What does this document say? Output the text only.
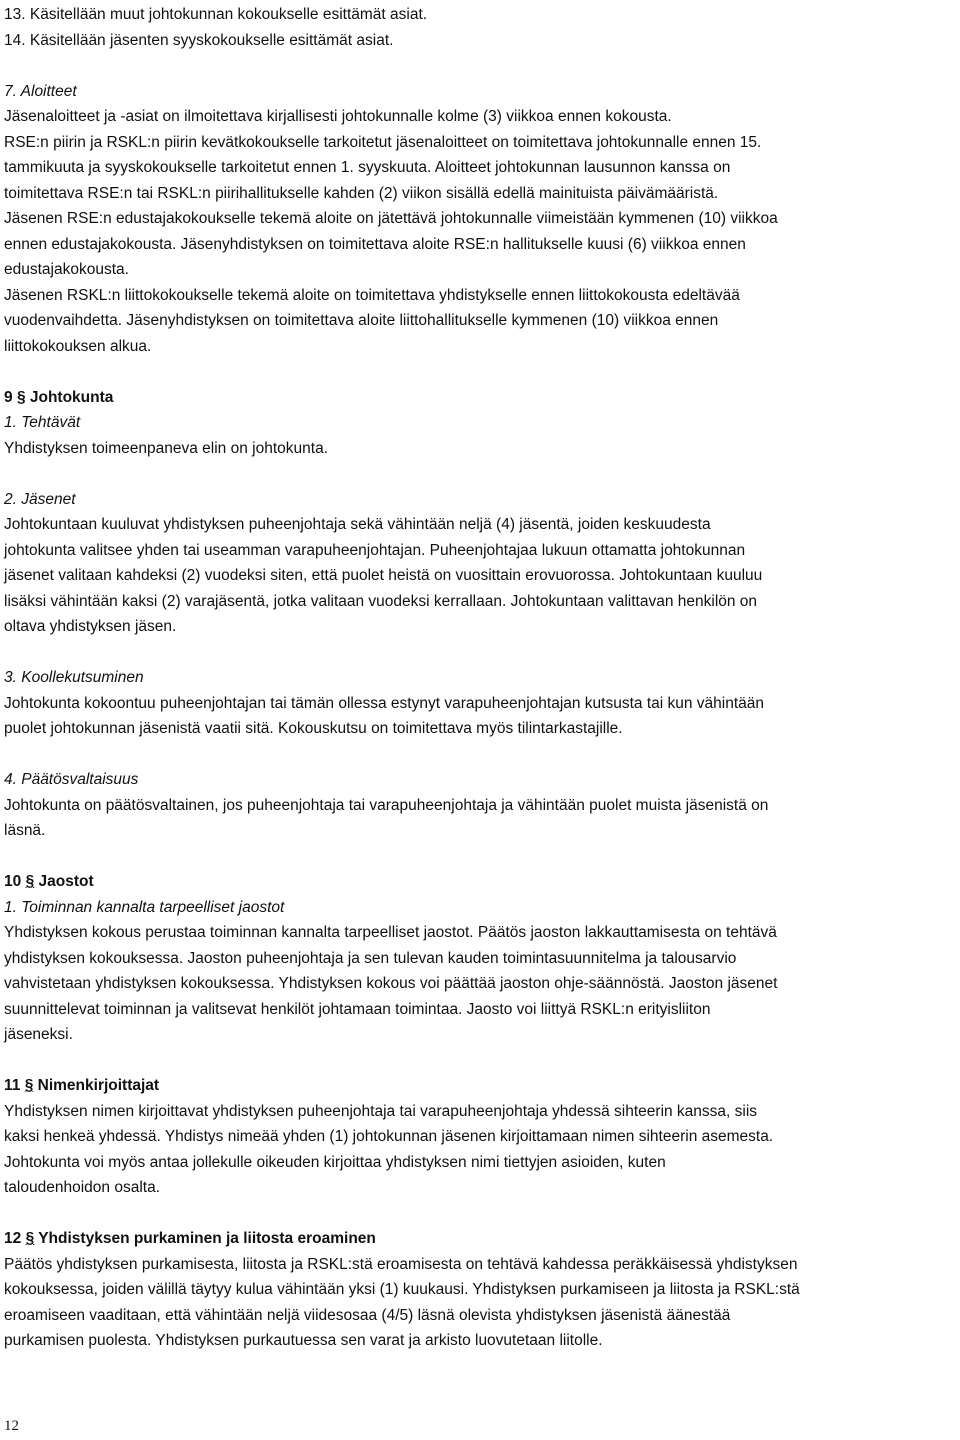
13. Käsitellään muut johtokunnan kokoukselle esittämät asiat.
14. Käsitellään jäsenten syyskokoukselle esittämät asiat.
7. Aloitteet
Jäsenaloitteet ja -asiat on ilmoitettava kirjallisesti johtokunnalle kolme (3) viikkoa ennen kokousta.
RSE:n piirin ja RSKL:n piirin kevätkokoukselle tarkoitetut jäsenaloitteet on toimitettava johtokunnalle ennen 15.
tammikuuta ja syyskokoukselle tarkoitetut ennen 1. syyskuuta. Aloitteet johtokunnan lausunnon kanssa on
toimitettava RSE:n tai RSKL:n piirihallitukselle kahden (2) viikon sisällä edellä mainituista päivämääristä.
Jäsenen RSE:n edustajakokoukselle tekemä aloite on jätettävä johtokunnalle viimeistään kymmenen (10) viikkoa
ennen edustajakokousta. Jäsenyhdistyksen on toimitettava aloite RSE:n hallitukselle kuusi (6) viikkoa ennen
edustajakokousta.
Jäsenen RSKL:n liittokokoukselle tekemä aloite on toimitettava yhdistykselle ennen liittokokousta edeltävää
vuodenvaihdetta. Jäsenyhdistyksen on toimitettava aloite liittohallitukselle kymmenen (10) viikkoa ennen
liittokokouksen alkua.
9 § Johtokunta
1. Tehtävät
Yhdistyksen toimeenpaneva elin on johtokunta.
2. Jäsenet
Johtokuntaan kuuluvat yhdistyksen puheenjohtaja sekä vähintään neljä (4) jäsentä, joiden keskuudesta
johtokunta valitsee yhden tai useamman varapuheenjohtajan. Puheenjohtajaa lukuun ottamatta johtokunnan
jäsenet valitaan kahdeksi (2) vuodeksi siten, että puolet heistä on vuosittain erovuorossa. Johtokuntaan kuuluu
lisäksi vähintään kaksi (2) varajäsentä, jotka valitaan vuodeksi kerrallaan. Johtokuntaan valittavan henkilön on
oltava yhdistyksen jäsen.
3. Koollekutsuminen
Johtokunta kokoontuu puheenjohtajan tai tämän ollessa estynyt varapuheenjohtajan kutsusta tai kun vähintään
puolet johtokunnan jäsenistä vaatii sitä. Kokouskutsu on toimitettava myös tilintarkastajille.
4. Päätösvaltaisuus
Johtokunta on päätösvaltainen, jos puheenjohtaja tai varapuheenjohtaja ja vähintään puolet muista jäsenistä on
läsnä.
10 § Jaostot
1. Toiminnan kannalta tarpeelliset jaostot
Yhdistyksen kokous perustaa toiminnan kannalta tarpeelliset jaostot. Päätös jaoston lakkauttamisesta on tehtävä
yhdistyksen kokouksessa. Jaoston puheenjohtaja ja sen tulevan kauden toimintasuunnitelma ja talousarvio
vahvistetaan yhdistyksen kokouksessa. Yhdistyksen kokous voi päättää jaoston ohje-säännöstä. Jaoston jäsenet
suunnittelevat toiminnan ja valitsevat henkilöt johtamaan toimintaa. Jaosto voi liittyä RSKL:n erityisliiton
jäseneksi.
11 § Nimenkirjoittajat
Yhdistyksen nimen kirjoittavat yhdistyksen puheenjohtaja tai varapuheenjohtaja yhdessä sihteerin kanssa, siis
kaksi henkeä yhdessä. Yhdistys nimeää yhden (1) johtokunnan jäsenen kirjoittamaan nimen sihteerin asemesta.
Johtokunta voi myös antaa jollekulle oikeuden kirjoittaa yhdistyksen nimi tiettyjen asioiden, kuten
taloudenhoidon osalta.
12 § Yhdistyksen purkaminen ja liitosta eroaminen
Päätös yhdistyksen purkamisesta, liitosta ja RSKL:stä eroamisesta on tehtävä kahdessa peräkkäisessä yhdistyksen
kokouksessa, joiden välillä täytyy kulua vähintään yksi (1) kuukausi. Yhdistyksen purkamiseen ja liitosta ja RSKL:stä
eroamiseen vaaditaan, että vähintään neljä viidesosaa (4/5) läsnä olevista yhdistyksen jäsenistä äänestää
purkamisen puolesta. Yhdistyksen purkautuessa sen varat ja arkisto luovutetaan liitolle.
12
